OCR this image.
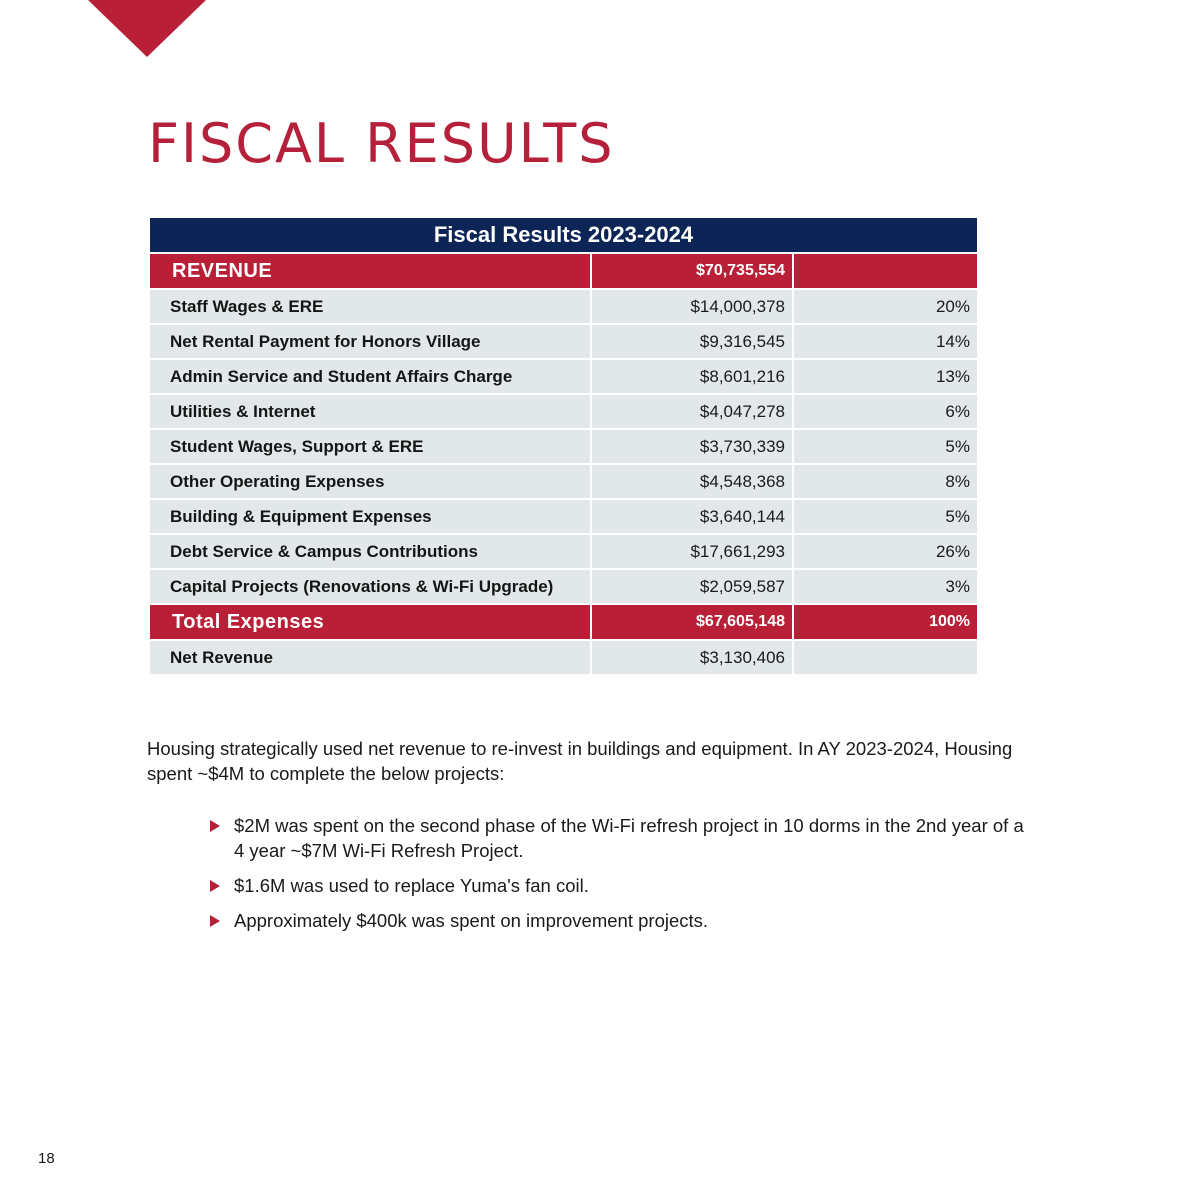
FISCAL RESULTS
Fiscal Results 2023-2024		
REVENUE	$70,735,554	
Staff Wages & ERE	$14,000,378	20%
Net Rental Payment for Honors Village	$9,316,545	14%
Admin Service and Student Affairs Charge	$8,601,216	13%
Utilities & Internet	$4,047,278	6%
Student Wages, Support & ERE	$3,730,339	5%
Other Operating Expenses	$4,548,368	8%
Building & Equipment Expenses	$3,640,144	5%
Debt Service & Campus Contributions	$17,661,293	26%
Capital Projects (Renovations & Wi-Fi Upgrade)	$2,059,587	3%
Total Expenses	$67,605,148	100%
Net Revenue	$3,130,406	

Housing strategically used net revenue to re-invest in buildings and equipment. In AY 2023-2024, Housing spent ~$4M to complete the below projects:

$2M was spent on the second phase of the Wi-Fi refresh project in 10 dorms in the 2nd year of a 4 year ~$7M Wi-Fi Refresh Project.
$1.6M was used to replace Yuma's fan coil.
Approximately $400k was spent on improvement projects.
18
